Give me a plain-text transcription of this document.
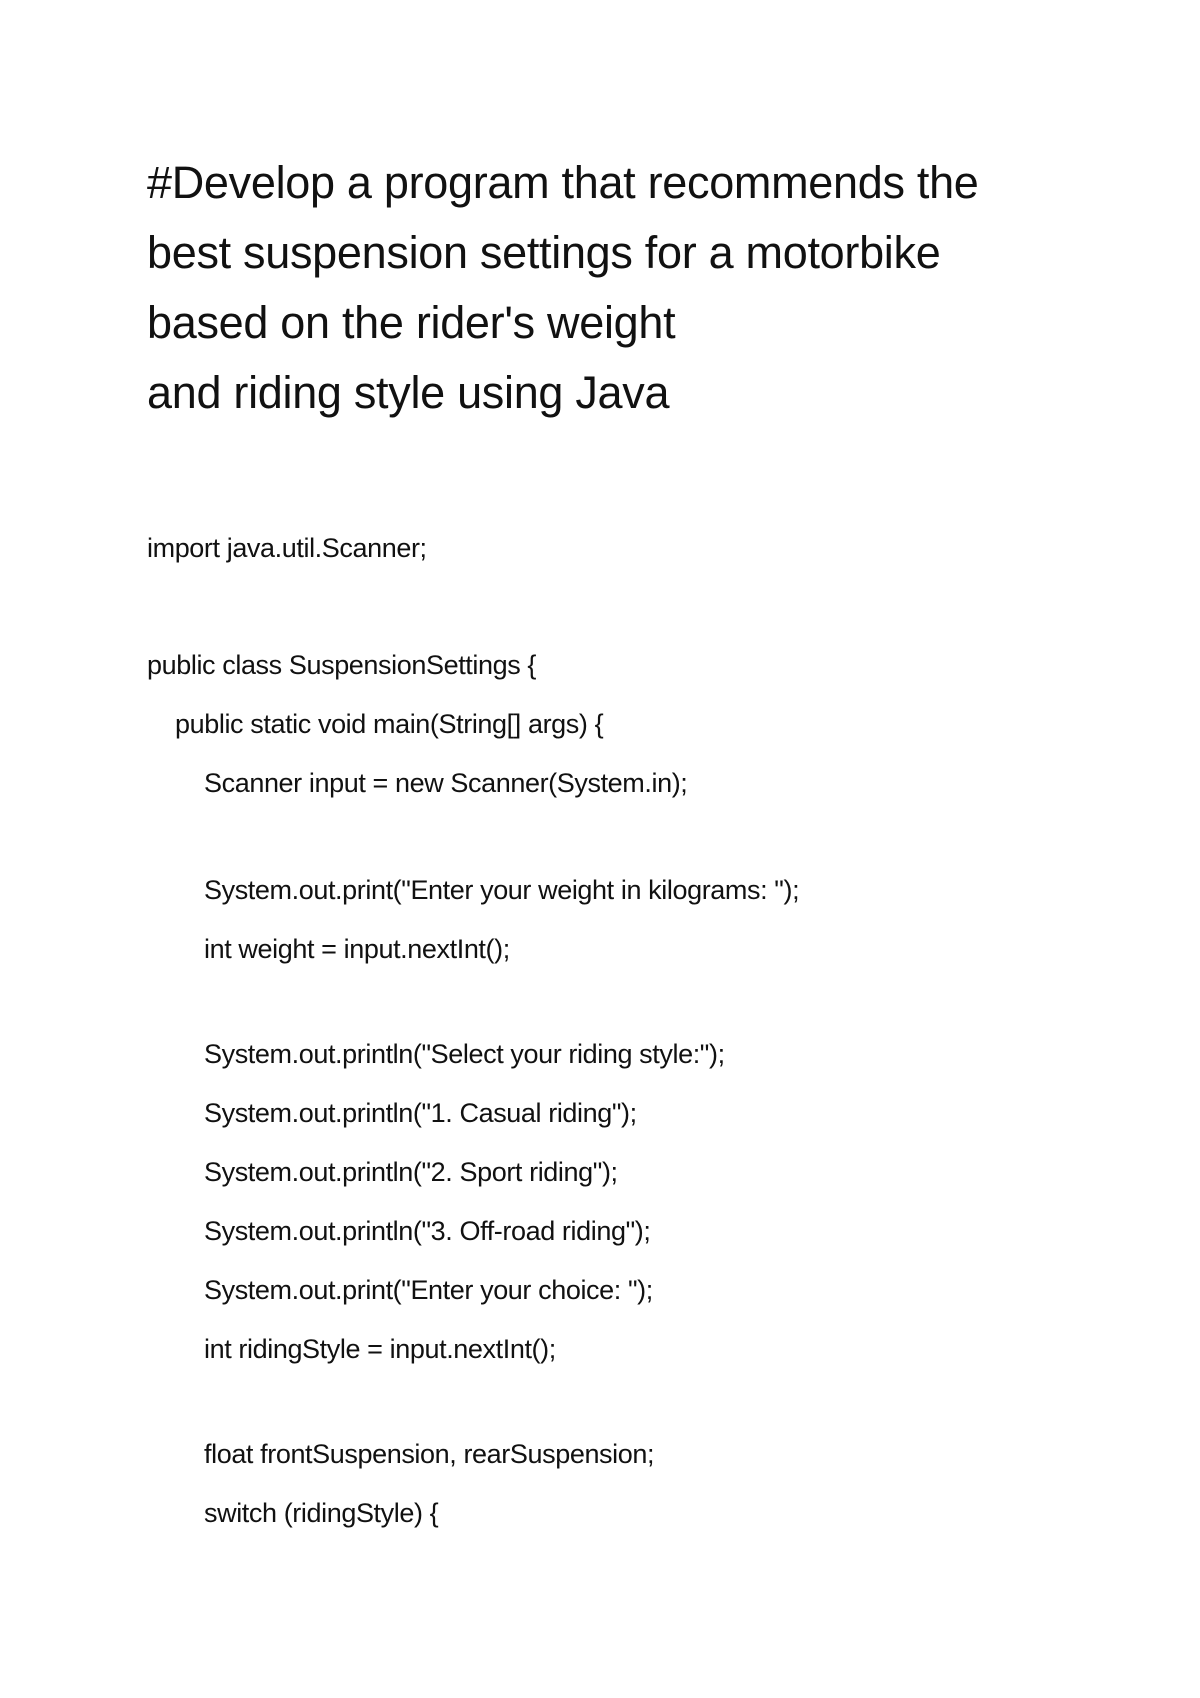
#Develop a program that recommends the
best suspension settings for a motorbike
based on the rider's weight
and riding style using Java
import java.util.Scanner;
public class SuspensionSettings {
public static void main(String[] args) {
Scanner input = new Scanner(System.in);
System.out.print("Enter your weight in kilograms: ");
int weight = input.nextInt();
System.out.println("Select your riding style:");
System.out.println("1. Casual riding");
System.out.println("2. Sport riding");
System.out.println("3. Off-road riding");
System.out.print("Enter your choice: ");
int ridingStyle = input.nextInt();
float frontSuspension, rearSuspension;
switch (ridingStyle) {
